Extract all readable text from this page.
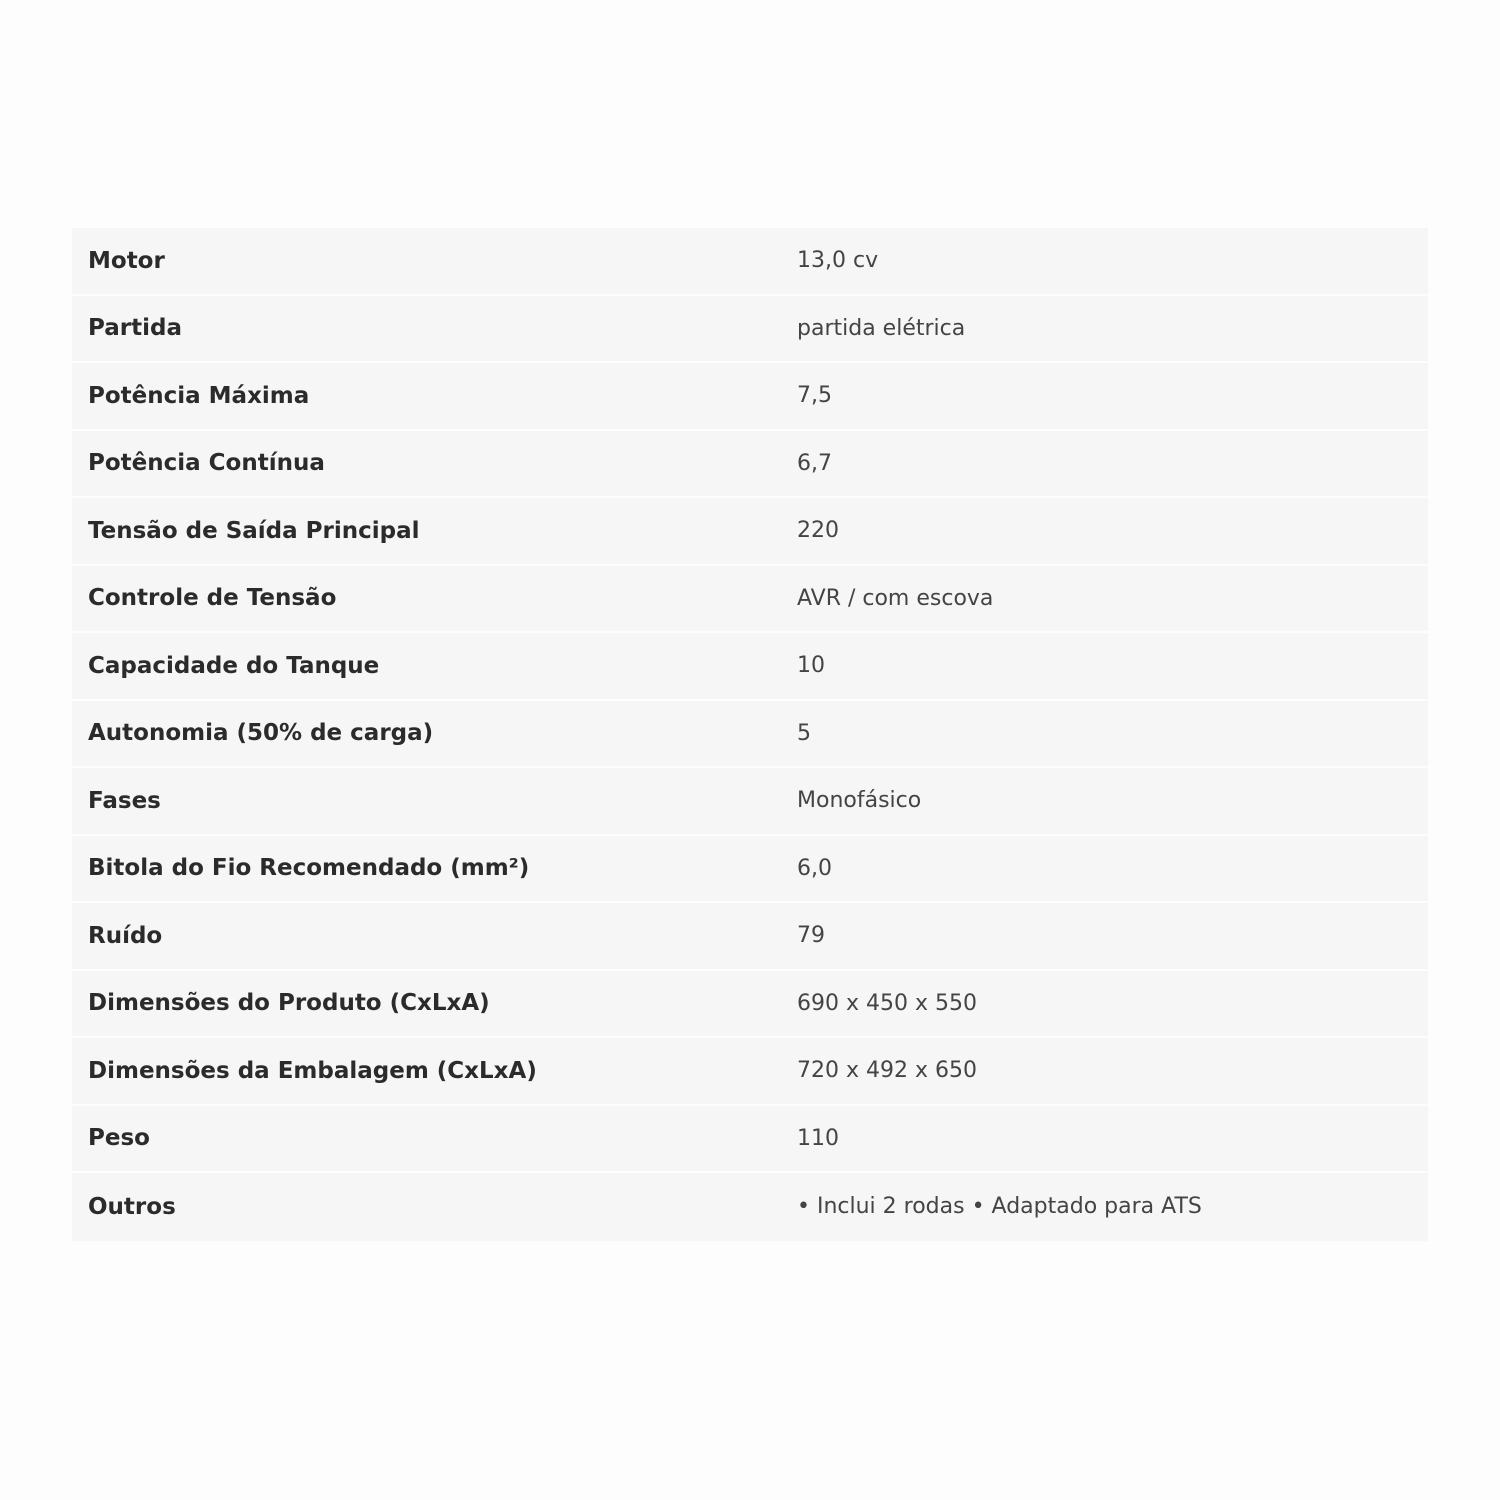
Motor	13,0 cv
Partida	partida elétrica
Potência Máxima	7,5
Potência Contínua	6,7
Tensão de Saída Principal	220
Controle de Tensão	AVR / com escova
Capacidade do Tanque	10
Autonomia (50% de carga)	5
Fases	Monofásico
Bitola do Fio Recomendado (mm²)	6,0
Ruído	79
Dimensões do Produto (CxLxA)	690 x 450 x 550
Dimensões da Embalagem (CxLxA)	720 x 492 x 650
Peso	110
Outros	• Inclui 2 rodas • Adaptado para ATS
